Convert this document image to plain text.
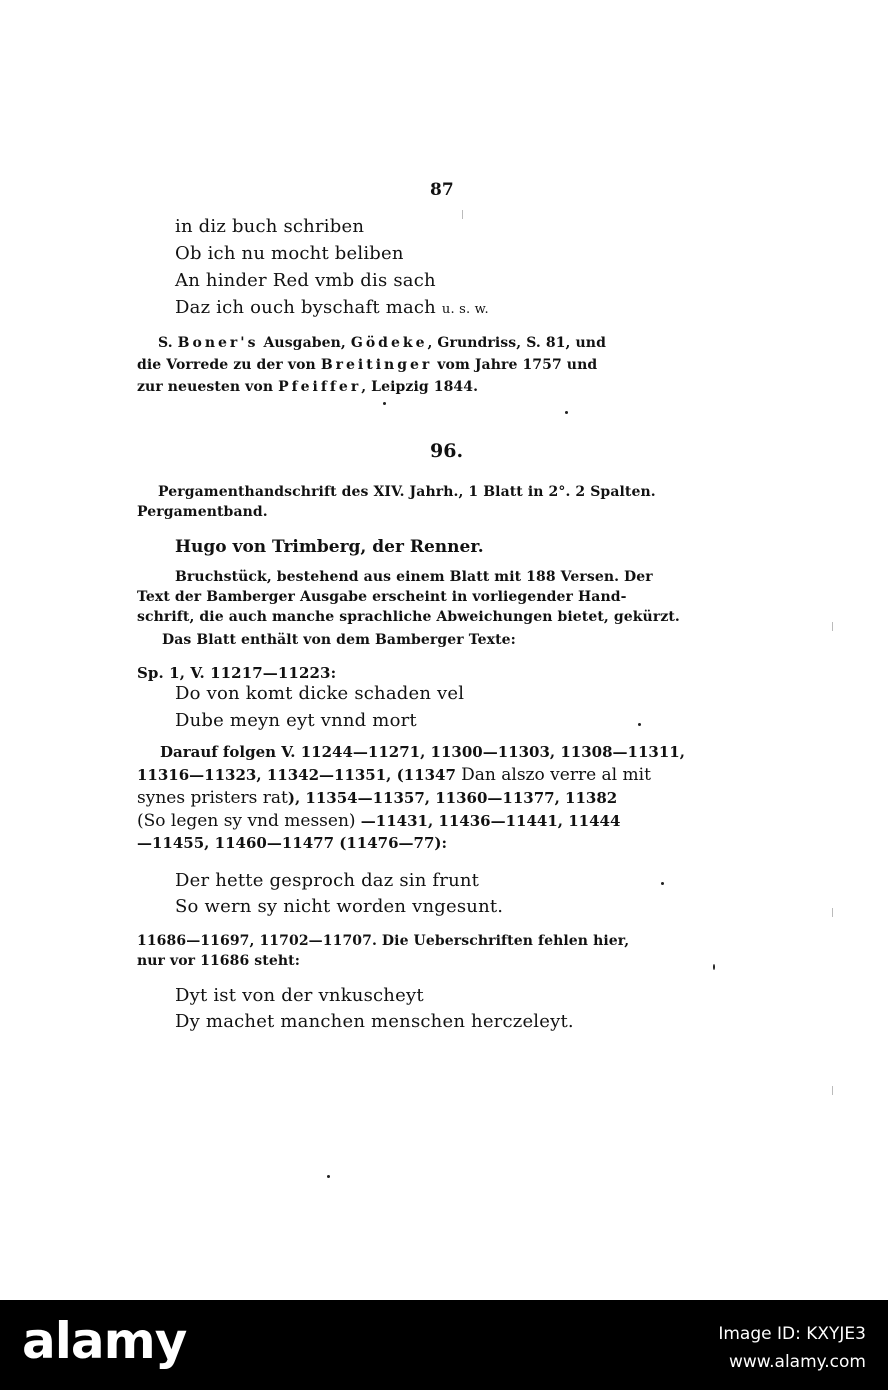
87
in diz buch schriben
Ob ich nu mocht beliben
An hinder Red vmb dis sach
Daz ich ouch byschaft mach u. s. w.
S. Boner's Ausgaben, Gödeke, Grundriss, S. 81, und
die Vorrede zu der von Breitinger vom Jahre 1757 und
zur neuesten von Pfeiffer, Leipzig 1844.
96.
Pergamenthandschrift des XIV. Jahrh., 1 Blatt in 2°. 2 Spalten.
Pergamentband.
Hugo von Trimberg, der Renner.
Bruchstück, bestehend aus einem Blatt mit 188 Versen. Der
Text der Bamberger Ausgabe erscheint in vorliegender Hand-
schrift, die auch manche sprachliche Abweichungen bietet, gekürzt.
Das Blatt enthält von dem Bamberger Texte:
Sp. 1, V. 11217—11223:
Do von komt dicke schaden vel
Dube meyn eyt vnnd mort
Darauf folgen V. 11244—11271, 11300—11303, 11308—11311,
11316—11323, 11342—11351, (11347 Dan alszo verre al mit
synes pristers rat), 11354—11357, 11360—11377, 11382
(So legen sy vnd messen) —11431, 11436—11441, 11444
—11455, 11460—11477 (11476—77):
Der hette gesproch daz sin frunt
So wern sy nicht worden vngesunt.
11686—11697, 11702—11707. Die Ueberschriften fehlen hier,
nur vor 11686 steht:
Dyt ist von der vnkuscheyt
Dy machet manchen menschen herczeleyt.
alamy	Image ID: KXYJE3
www.alamy.com
